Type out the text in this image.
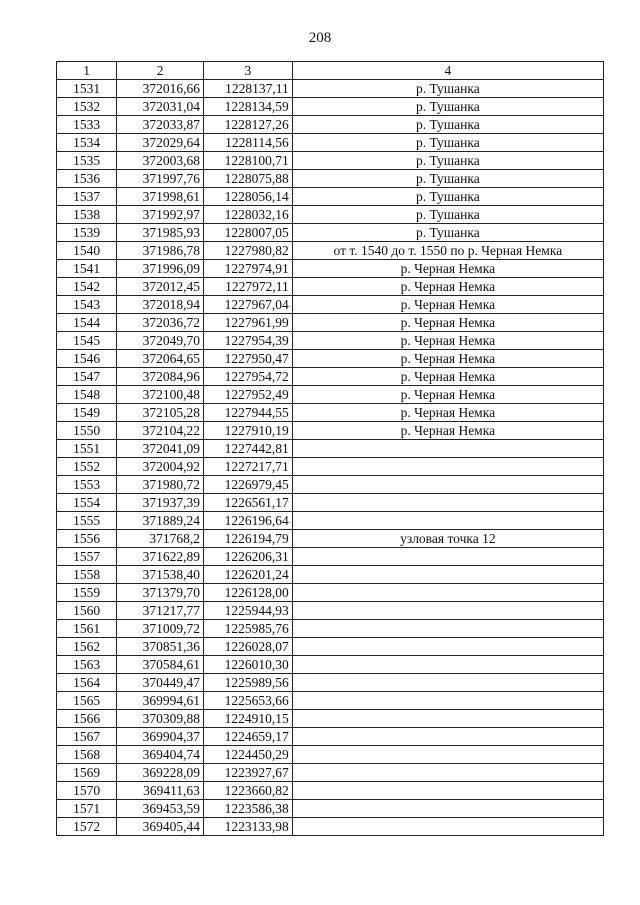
208
1	2	3	4
1531	372016,66	1228137,11	р. Тушанка
1532	372031,04	1228134,59	р. Тушанка
1533	372033,87	1228127,26	р. Тушанка
1534	372029,64	1228114,56	р. Тушанка
1535	372003,68	1228100,71	р. Тушанка
1536	371997,76	1228075,88	р. Тушанка
1537	371998,61	1228056,14	р. Тушанка
1538	371992,97	1228032,16	р. Тушанка
1539	371985,93	1228007,05	р. Тушанка
1540	371986,78	1227980,82	от т. 1540 до т. 1550 по р. Черная Немка
1541	371996,09	1227974,91	р. Черная Немка
1542	372012,45	1227972,11	р. Черная Немка
1543	372018,94	1227967,04	р. Черная Немка
1544	372036,72	1227961,99	р. Черная Немка
1545	372049,70	1227954,39	р. Черная Немка
1546	372064,65	1227950,47	р. Черная Немка
1547	372084,96	1227954,72	р. Черная Немка
1548	372100,48	1227952,49	р. Черная Немка
1549	372105,28	1227944,55	р. Черная Немка
1550	372104,22	1227910,19	р. Черная Немка
1551	372041,09	1227442,81	
1552	372004,92	1227217,71	
1553	371980,72	1226979,45	
1554	371937,39	1226561,17	
1555	371889,24	1226196,64	
1556	371768,2	1226194,79	узловая точка 12
1557	371622,89	1226206,31	
1558	371538,40	1226201,24	
1559	371379,70	1226128,00	
1560	371217,77	1225944,93	
1561	371009,72	1225985,76	
1562	370851,36	1226028,07	
1563	370584,61	1226010,30	
1564	370449,47	1225989,56	
1565	369994,61	1225653,66	
1566	370309,88	1224910,15	
1567	369904,37	1224659,17	
1568	369404,74	1224450,29	
1569	369228,09	1223927,67	
1570	369411,63	1223660,82	
1571	369453,59	1223586,38	
1572	369405,44	1223133,98	
